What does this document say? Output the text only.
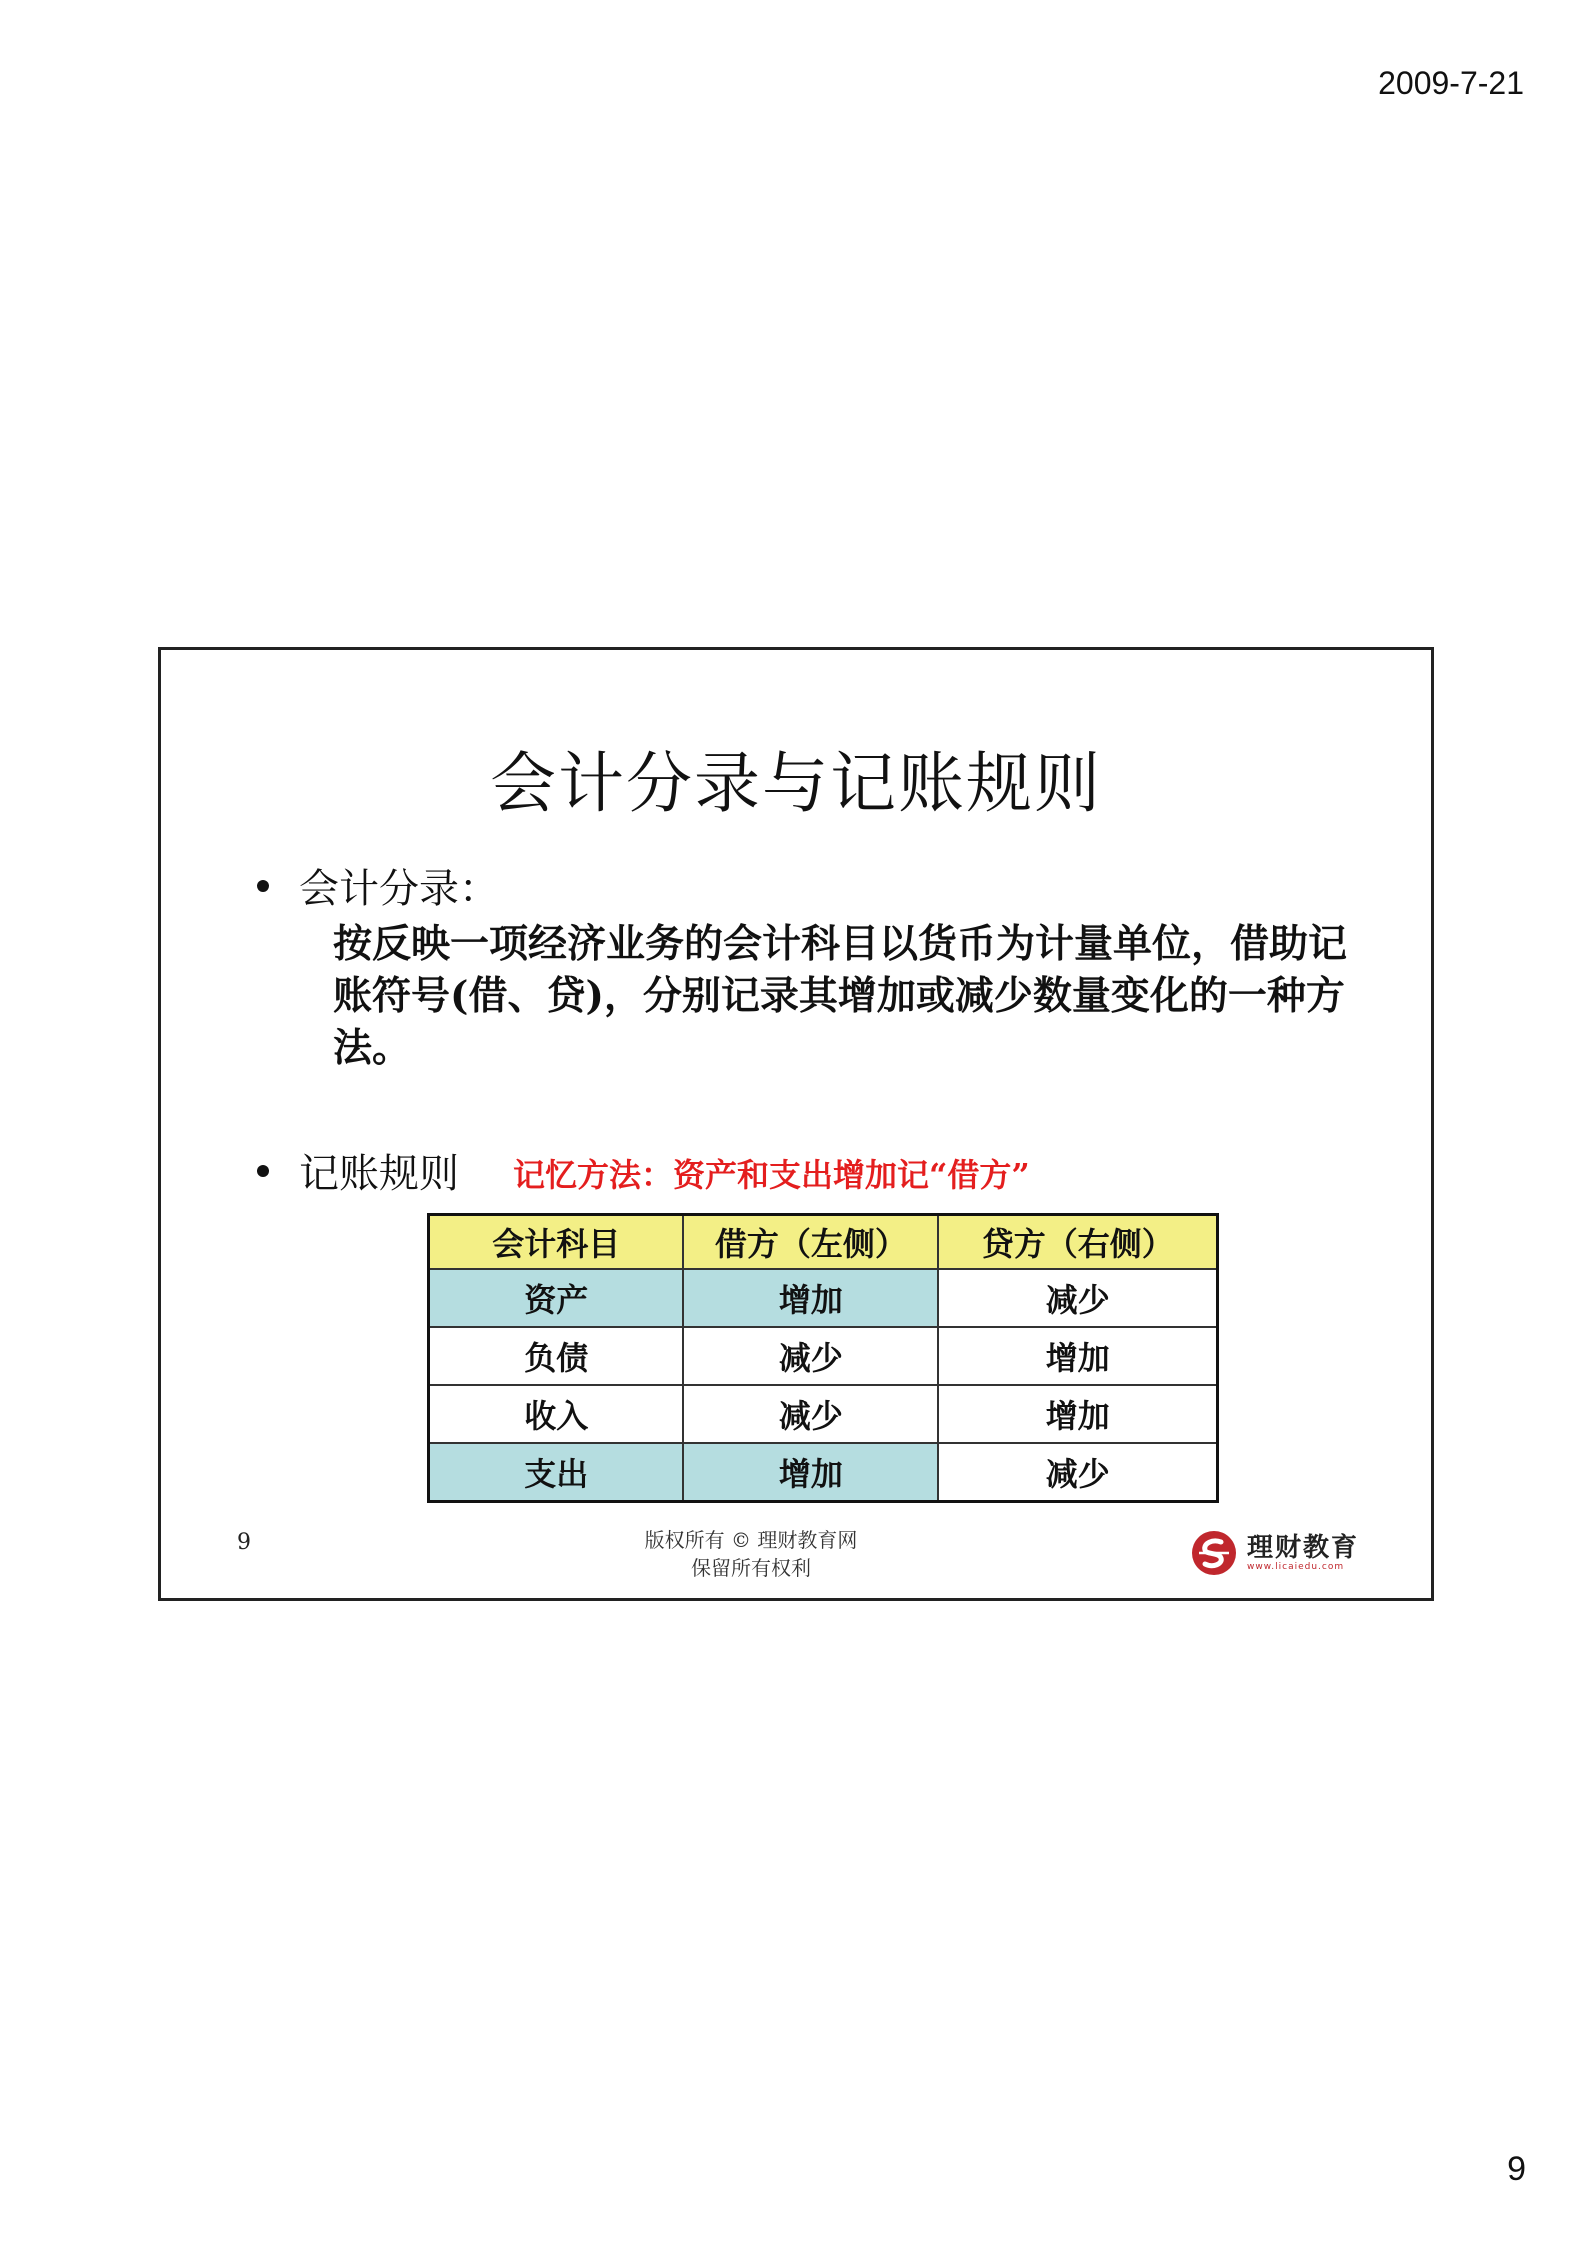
2009-7-21
会计分录与记账规则
会计分录：
按反映一项经济业务的会计科目以货币为计量单位，借助记账符号(借、贷)，分别记录其增加或减少数量变化的一种方法。
记账规则 记忆方法：资产和支出增加记“借方”
会计科目	借方（左侧）	贷方（右侧）
资产	增加	减少
负债	减少	增加
收入	减少	增加
支出	增加	减少
9	版权所有 © 理财教育网
保留所有权利
理财教育
www.licaiedu.com
9
